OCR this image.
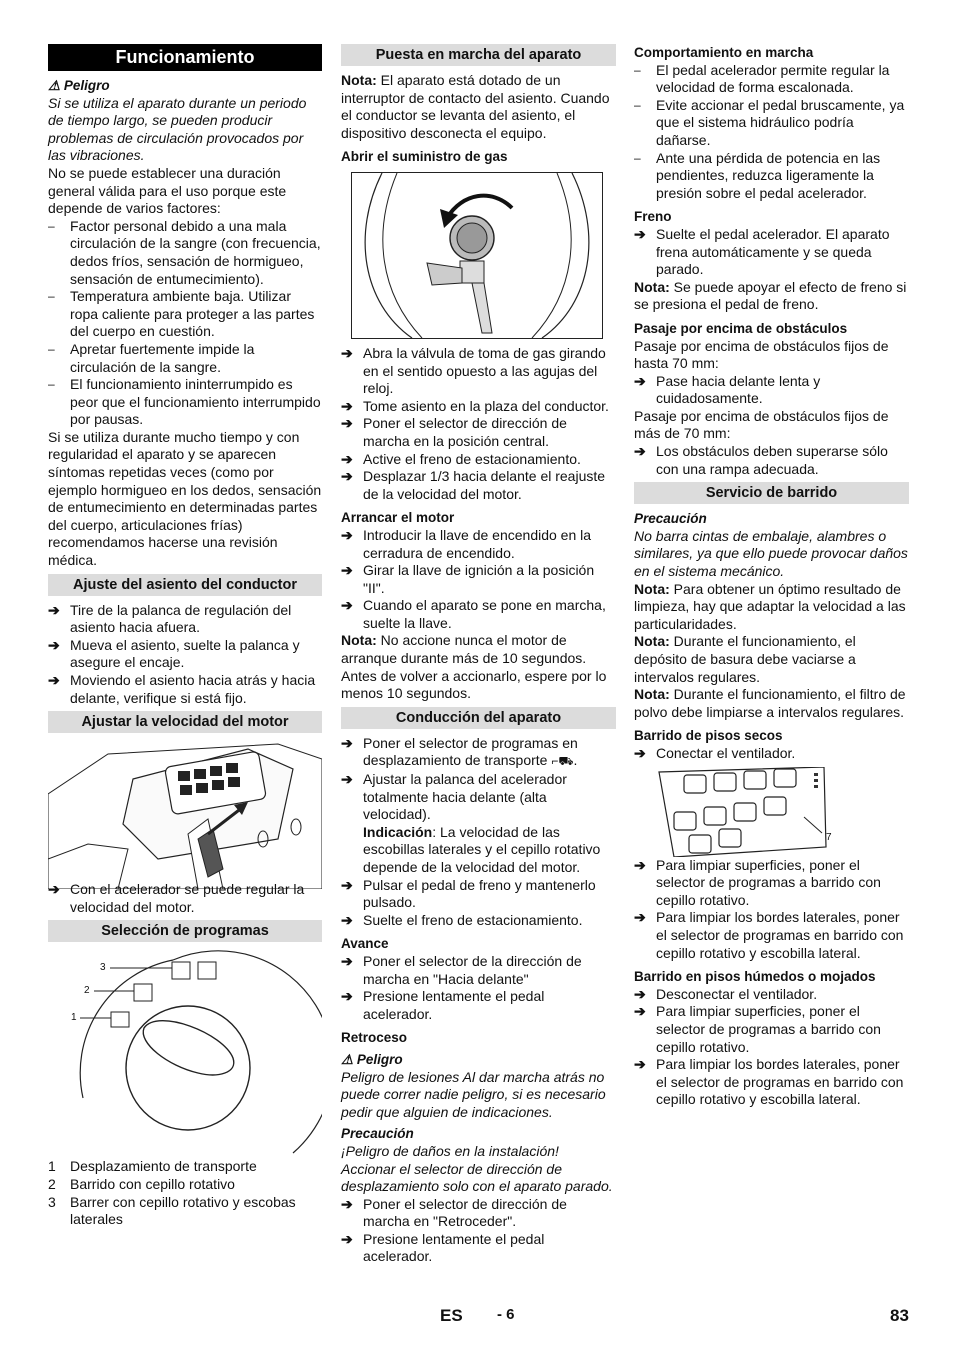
Funcionamiento
⚠ Peligro

Si se utiliza el aparato durante un periodo de tiempo largo, se pueden producir problemas de circulación provocados por las vibraciones.

No se puede establecer una duración general válida para el uso porque este depende de varios factores:

–	Factor personal debido a una mala circulación de la sangre (con frecuencia, dedos fríos, sensación de hormigueo, sensación de entumecimiento).
–	Temperatura ambiente baja. Utilizar ropa caliente para proteger a las partes del cuerpo en cuestión.
–	Apretar fuertemente impide la circulación de la sangre.
–	El funcionamiento ininterrumpido es peor que el funcionamiento interrumpido por pausas.

Si se utiliza durante mucho tiempo y con regularidad el aparato y se aparecen síntomas repetidas veces (como por ejemplo hormigueo en los dedos, sensación de entumecimiento en determinadas partes del cuerpo, articulaciones frías) recomendamos hacerse una revisión médica.

Ajuste del asiento del conductor
➔ Tire de la palanca de regulación del asiento hacia afuera.
➔ Mueva el asiento, suelte la palanca y asegure el encaje.
➔ Moviendo el asiento hacia atrás y hacia delante, verifique si está fijo.
Ajustar la velocidad del motor
➔ Con el acelerador se puede regular la velocidad del motor.
Selección de programas
3
2
1
1	Desplazamiento de transporte
2	Barrido con cepillo rotativo
3	Barrer con cepillo rotativo y escobas laterales
Puesta en marcha del aparato

Nota: El aparato está dotado de un interruptor de contacto del asiento. Cuando el conductor se levanta del asiento, el dispositivo desconecta el equipo.

Abrir el suministro de gas
➔ Abra la válvula de toma de gas girando en el sentido opuesto a las agujas del reloj.
➔ Tome asiento en la plaza del conductor.
➔ Poner el selector de dirección de marcha en la posición central.
➔ Active el freno de estacionamiento.
➔ Desplazar 1/3 hacia delante el reajuste de la velocidad del motor.
Arrancar el motor
➔ Introducir la llave de encendido en la cerradura de encendido.
➔ Girar la llave de ignición a la posición "II".
➔ Cuando el aparato se pone en marcha, suelte la llave.

Nota: No accione nunca el motor de arranque durante más de 10 segundos. Antes de volver a accionarlo, espere por lo menos 10 segundos.

Conducción del aparato
➔ Poner el selector de programas en desplazamiento de transporte ⌐⛟.
➔ Ajustar la palanca del acelerador totalmente hacia delante (alta velocidad).
Indicación: La velocidad de las escobillas laterales y el cepillo rotativo depende de la velocidad del motor.
➔ Pulsar el pedal de freno y mantenerlo pulsado.
➔ Suelte el freno de estacionamiento.
Avance
➔ Poner el selector de la dirección de marcha en "Hacia delante"
➔ Presione lentamente el pedal acelerador.
Retroceso
⚠ Peligro

Peligro de lesiones Al dar marcha atrás no puede correr nadie peligro, si es necesario pedir que alguien de indicaciones.

Precaución

¡Peligro de daños en la instalación! Accionar el selector de dirección de desplazamiento solo con el aparato parado.

➔ Poner el selector de dirección de marcha en "Retroceder".
➔ Presione lentamente el pedal acelerador.
Comportamiento en marcha
–	El pedal acelerador permite regular la velocidad de forma escalonada.
–	Evite accionar el pedal bruscamente, ya que el sistema hidráulico podría dañarse.
–	Ante una pérdida de potencia en las pendientes, reduzca ligeramente la presión sobre el pedal acelerador.
Freno
➔ Suelte el pedal acelerador. El aparato frena automáticamente y se queda parado.

Nota: Se puede apoyar el efecto de freno si se presiona el pedal de freno.

Pasaje por encima de obstáculos

Pasaje por encima de obstáculos fijos de hasta 70 mm:

➔ Pase hacia delante lenta y cuidadosamente.

Pasaje por encima de obstáculos fijos de más de 70 mm:

➔ Los obstáculos deben superarse sólo con una rampa adecuada.
Servicio de barrido
Precaución

No barra cintas de embalaje, alambres o similares, ya que ello puede provocar daños en el sistema mecánico.

Nota: Para obtener un óptimo resultado de limpieza, hay que adaptar la velocidad a las particularidades.

Nota: Durante el funcionamiento, el depósito de basura debe vaciarse a intervalos regulares.

Nota: Durante el funcionamiento, el filtro de polvo debe limpiarse a intervalos regulares.

Barrido de pisos secos
➔ Conectar el ventilador.
7
➔ Para limpiar superficies, poner el selector de programas a barrido con cepillo rotativo.
➔ Para limpiar los bordes laterales, poner el selector de programas en barrido con cepillo rotativo y escobilla lateral.
Barrido en pisos húmedos o mojados
➔ Desconectar el ventilador.
➔ Para limpiar superficies, poner el selector de programas a barrido con cepillo rotativo.
➔ Para limpiar los bordes laterales, poner el selector de programas en barrido con cepillo rotativo y escobilla lateral.
ES - 6	83
